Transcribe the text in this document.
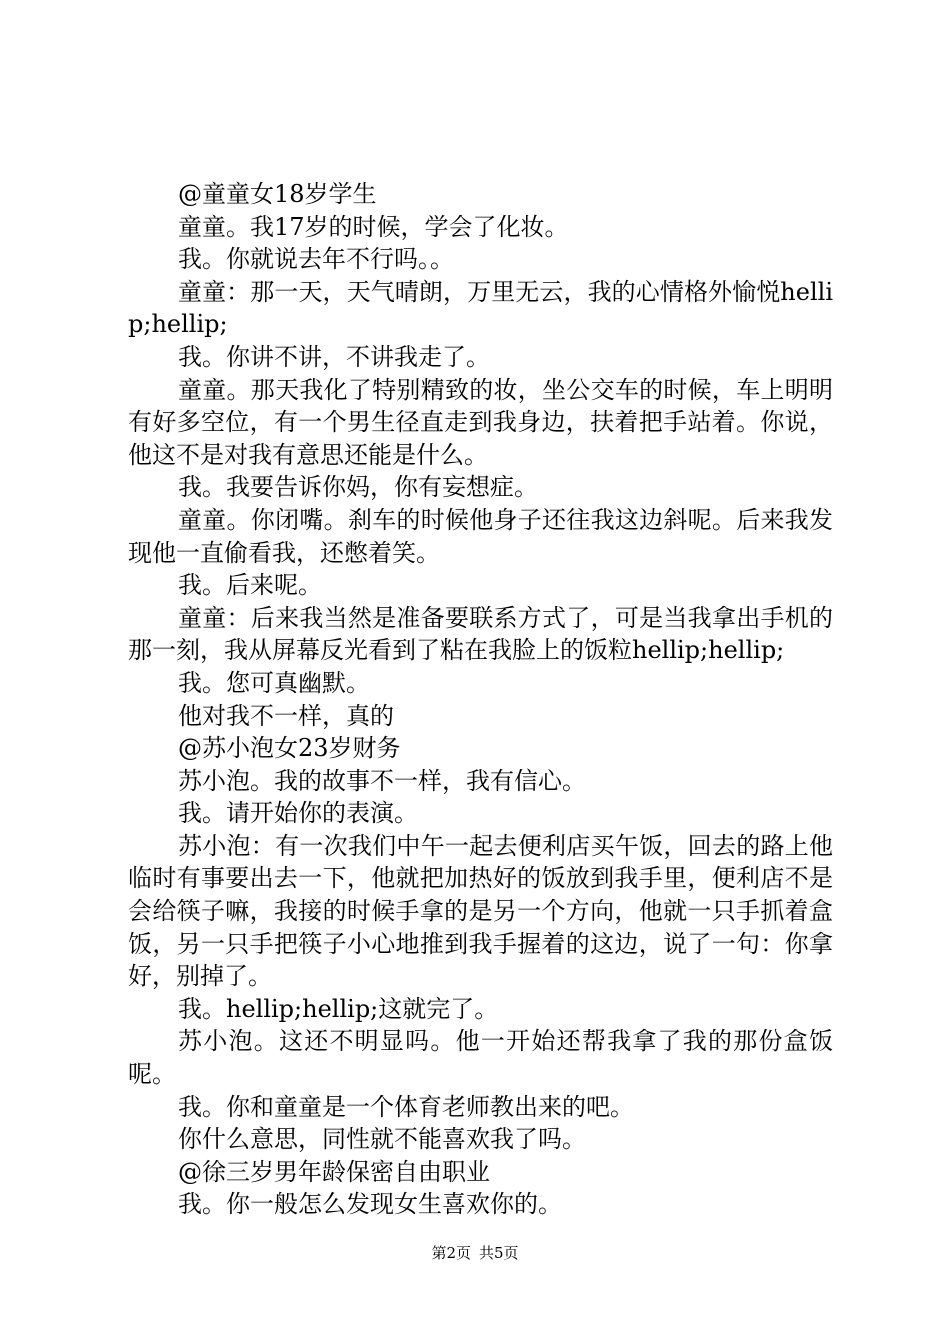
@童童女18岁学生

童童。我17岁的时候，学会了化妆。

我。你就说去年不行吗。。

童童：那一天，天气晴朗，万里无云，我的心情格外愉悦hellip;hellip;

我。你讲不讲，不讲我走了。

童童。那天我化了特别精致的妆，坐公交车的时候，车上明明有好多空位，有一个男生径直走到我身边，扶着把手站着。你说，他这不是对我有意思还能是什么。

我。我要告诉你妈，你有妄想症。

童童。你闭嘴。刹车的时候他身子还往我这边斜呢。后来我发现他一直偷看我，还憋着笑。

我。后来呢。

童童：后来我当然是准备要联系方式了，可是当我拿出手机的那一刻，我从屏幕反光看到了粘在我脸上的饭粒hellip;hellip;

我。您可真幽默。

他对我不一样，真的

@苏小泡女23岁财务

苏小泡。我的故事不一样，我有信心。

我。请开始你的表演。

苏小泡：有一次我们中午一起去便利店买午饭，回去的路上他临时有事要出去一下，他就把加热好的饭放到我手里，便利店不是会给筷子嘛，我接的时候手拿的是另一个方向，他就一只手抓着盒饭，另一只手把筷子小心地推到我手握着的这边，说了一句：你拿好，别掉了。

我。hellip;hellip;这就完了。

苏小泡。这还不明显吗。他一开始还帮我拿了我的那份盒饭呢。

我。你和童童是一个体育老师教出来的吧。

你什么意思，同性就不能喜欢我了吗。

@徐三岁男年龄保密自由职业

我。你一般怎么发现女生喜欢你的。

第2页 共5页
